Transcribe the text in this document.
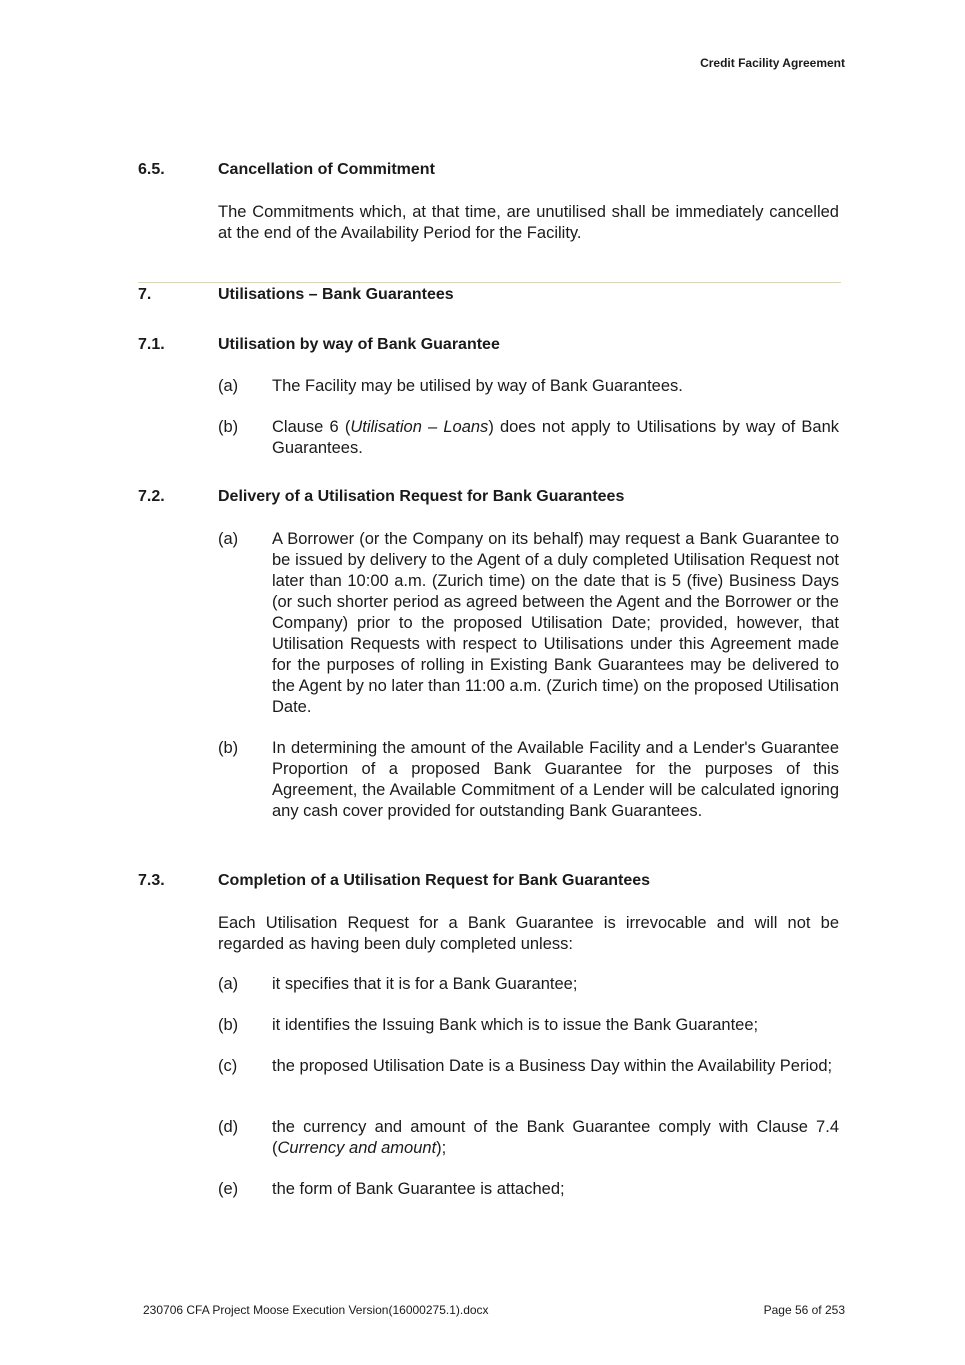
Credit Facility Agreement
6.5.	Cancellation of Commitment
The Commitments which, at that time, are unutilised shall be immediately cancelled at the end of the Availability Period for the Facility.
7.	Utilisations – Bank Guarantees
7.1.	Utilisation by way of Bank Guarantee
(a) The Facility may be utilised by way of Bank Guarantees.
(b) Clause 6 (Utilisation – Loans) does not apply to Utilisations by way of Bank Guarantees.
7.2.	Delivery of a Utilisation Request for Bank Guarantees
(a) A Borrower (or the Company on its behalf) may request a Bank Guarantee to be issued by delivery to the Agent of a duly completed Utilisation Request not later than 10:00 a.m. (Zurich time) on the date that is 5 (five) Business Days (or such shorter period as agreed between the Agent and the Borrower or the Company) prior to the proposed Utilisation Date; provided, however, that Utilisation Requests with respect to Utilisations under this Agreement made for the purposes of rolling in Existing Bank Guarantees may be delivered to the Agent by no later than 11:00 a.m. (Zurich time) on the proposed Utilisation Date.
(b) In determining the amount of the Available Facility and a Lender's Guarantee Proportion of a proposed Bank Guarantee for the purposes of this Agreement, the Available Commitment of a Lender will be calculated ignoring any cash cover provided for outstanding Bank Guarantees.
7.3.	Completion of a Utilisation Request for Bank Guarantees
Each Utilisation Request for a Bank Guarantee is irrevocable and will not be regarded as having been duly completed unless:
(a) it specifies that it is for a Bank Guarantee;
(b) it identifies the Issuing Bank which is to issue the Bank Guarantee;
(c) the proposed Utilisation Date is a Business Day within the Availability Period;
(d) the currency and amount of the Bank Guarantee comply with Clause 7.4 (Currency and amount);
(e) the form of Bank Guarantee is attached;
230706 CFA Project Moose Execution Version(16000275.1).docx	Page 56 of 253
